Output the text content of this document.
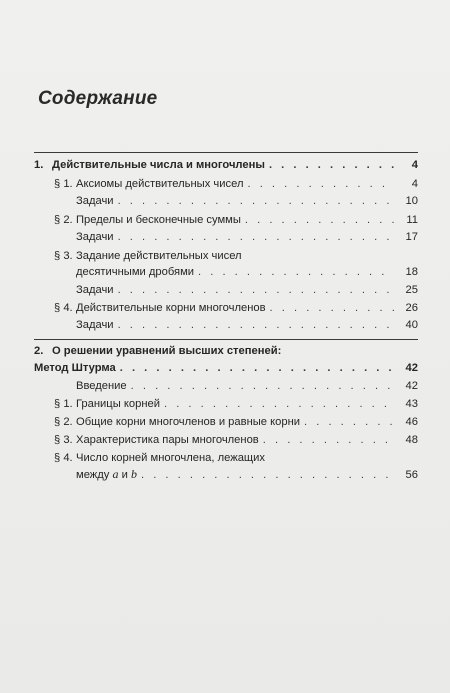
Содержание
1. Действительные числа и многочлены . . .	4
§ 1. Аксиомы действительных чисел . . .	4
Задачи . . .	10
§ 2. Пределы и бесконечные суммы . . .	11
Задачи . . .	17
§ 3. Задание действительных чисел
десятичными дробями . . .	18
Задачи . . .	25
§ 4. Действительные корни многочленов . . .	26
Задачи . . .	40
2. О решении уравнений высших степеней:
Метод Штурма . . .	42
Введение . . .	42
§ 1. Границы корней . . .	43
§ 2. Общие корни многочленов и равные корни . . .	46
§ 3. Характеристика пары многочленов . . .	48
§ 4. Число корней многочлена, лежащих
между a и b . . .	56
